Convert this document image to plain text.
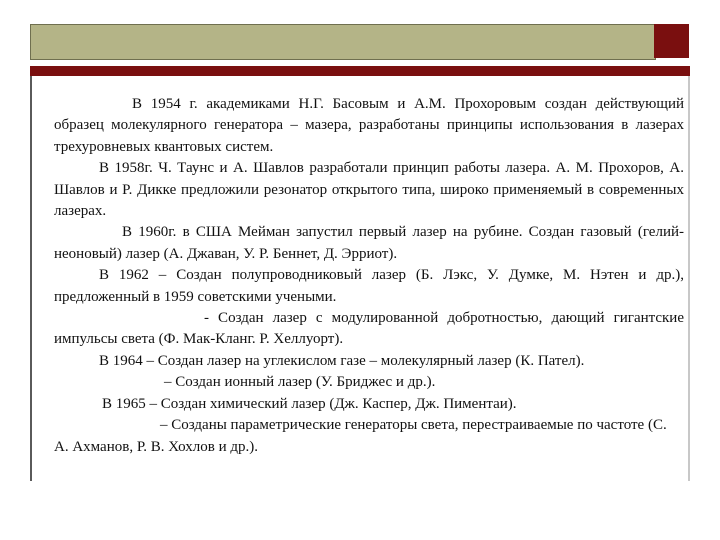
В 1954 г. академиками Н.Г. Басовым и А.М. Прохоровым создан действующий образец молекулярного генератора – мазера, разработаны принципы использования в лазерах трехуровневых квантовых систем.

В 1958г. Ч. Таунс и А. Шавлов разработали принцип работы лазера. А. М. Прохоров, А. Шавлов и Р. Дикке предложили резонатор открытого типа, широко применяемый в современных лазерах.

В 1960г. в США Мейман запустил первый лазер на рубине. Создан газовый (гелий-неоновый) лазер (А. Джаван, У. Р. Беннет, Д. Эрриот).

В 1962 – Создан полупроводниковый лазер (Б. Лэкс, У. Думке, М. Нэтен и др.), предложенный в 1959 советскими учеными.

- Создан лазер с модулированной добротностью, дающий гигантские импульсы света (Ф. Мак-Кланг. Р. Хеллуорт).

В 1964 – Создан лазер на углекислом газе – молекулярный лазер (К. Пател).

– Создан ионный лазер (У. Бриджес и др.).

В 1965 – Создан химический лазер (Дж. Каспер, Дж. Пиментаи).

– Созданы параметрические генераторы света, перестраиваемые по частоте (С. А. Ахманов, Р. В. Хохлов и др.).
